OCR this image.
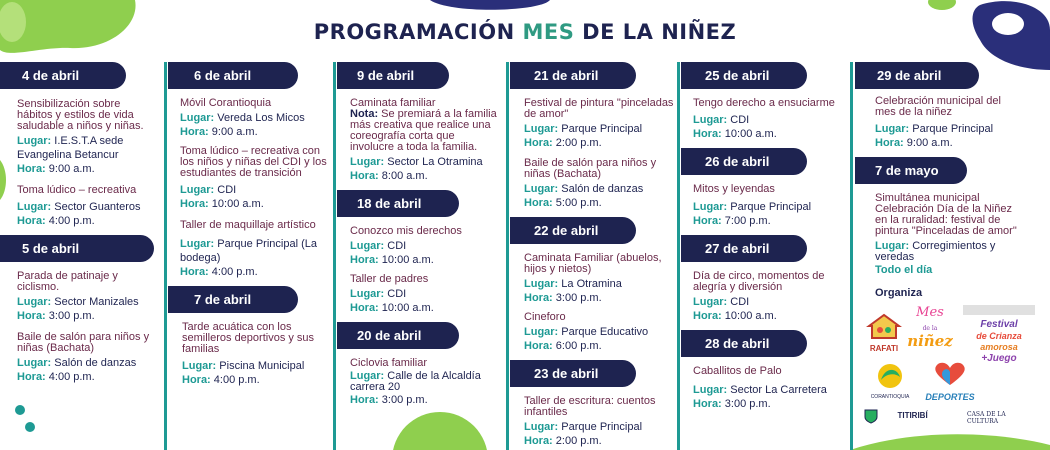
PROGRAMACIÓN MES DE LA NIÑEZ
4 de abril
Sensibilización sobre hábitos y estilos de vida saludable a niños y niñas.
Lugar: I.E.S.T.A sede Evangelina Betancur
Hora: 9:00 a.m.
Toma lúdico – recreativa
Lugar: Sector Guanteros
Hora: 4:00 p.m.
5 de abril
Parada de patinaje y ciclismo.
Lugar: Sector Manizales
Hora: 3:00 p.m.
Baile de salón para niños y niñas (Bachata)
Lugar: Salón de danzas
Hora: 4:00 p.m.
6 de abril
Móvil Corantioquia
Lugar: Vereda Los Micos
Hora: 9:00 a.m.
Toma lúdico – recreativa con los niños y niñas del CDI y los estudiantes de transición
Lugar: CDI
Hora: 10:00 a.m.
Taller de maquillaje artístico
Lugar: Parque Principal (La bodega)
Hora: 4:00 p.m.
7 de abril
Tarde acuática con los semilleros deportivos y sus familias
Lugar: Piscina Municipal
Hora: 4:00 p.m.
9 de abril
Caminata familiar
Nota: Se premiará a la familia más creativa que realice una coreografía corta que involucre a toda la familia.
Lugar: Sector La Otramina
Hora: 8:00 a.m.
18 de abril
Conozco mis derechos
Lugar: CDI
Hora: 10:00 a.m.
Taller de padres
Lugar: CDI
Hora: 10:00 a.m.
20 de abril
Ciclovia familiar
Lugar: Calle de la Alcaldía carrera 20
Hora: 3:00 p.m.
21 de abril
Festival de pintura "pinceladas de amor"
Lugar: Parque Principal
Hora: 2:00 p.m.
Baile de salón para niños y niñas (Bachata)
Lugar: Salón de danzas
Hora: 5:00 p.m.
22 de abril
Caminata Familiar (abuelos, hijos y nietos)
Lugar: La Otramina
Hora: 3:00 p.m.
Cineforo
Lugar: Parque Educativo
Hora: 6:00 p.m.
23 de abril
Taller de escritura: cuentos infantiles
Lugar: Parque Principal
Hora: 2:00 p.m.
25 de abril
Tengo derecho a ensuciarme
Lugar: CDI
Hora: 10:00 a.m.
26 de abril
Mitos y leyendas
Lugar: Parque Principal
Hora: 7:00 p.m.
27 de abril
Día de circo, momentos de alegría y diversión
Lugar: CDI
Hora: 10:00 a.m.
28 de abril
Caballitos de Palo
Lugar: Sector La Carretera
Hora: 3:00 p.m.
29 de abril
Celebración municipal del mes de la niñez
Lugar: Parque Principal
Hora: 9:00 a.m.
7 de mayo
Simultánea municipal Celebración Día de la Niñez en la ruralidad: festival de pintura "Pinceladas de amor"
Lugar: Corregimientos y veredas
Todo el día
Organiza
RAFATI
Mes
de la
niñez
Festival
de Crianza
amorosa
+Juego
CORANTIOQUIA	DEPORTES
TITIRIBÍ	CASA DE LA CULTURA
